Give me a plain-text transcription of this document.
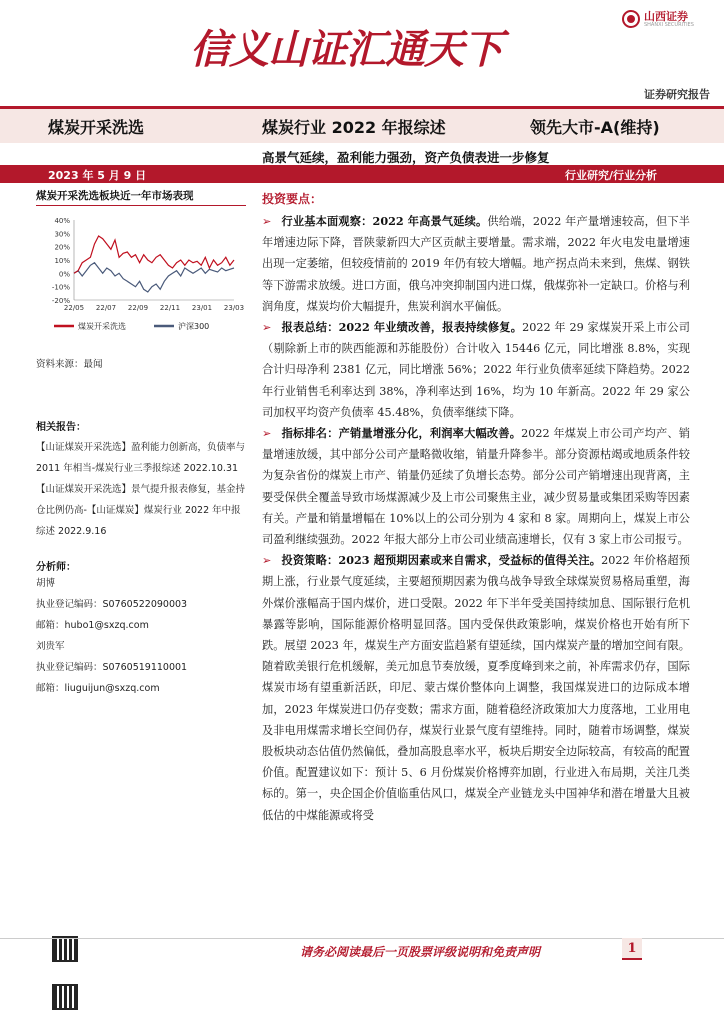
信义山证汇通天下
山西证券
SHANXI SECURITIES
证券研究报告
煤炭开采洗选	煤炭行业 2022 年报综述	领先大市-A(维持)
高景气延续，盈利能力强劲，资产负债表进一步修复
2023 年 5 月 9 日	行业研究/行业分析
煤炭开采洗选板块近一年市场表现
40%
30%
20%
10%
0%
-10%
-20%
22/05 22/07 22/09 22/11 23/01 23/03
煤炭开采洗选	沪深300
资料来源：最闻
相关报告：
【山证煤炭开采洗选】盈利能力创新高，负债率与 2011 年相当-煤炭行业三季报综述 2022.10.31
【山证煤炭开采洗选】景气提升报表修复，基金持仓比例仍高-【山证煤炭】煤炭行业 2022 年中报综述 2022.9.16
分析师：
胡博
执业登记编码：S0760522090003
邮箱：hubo1@sxzq.com
刘贵军
执业登记编码：S0760519110001
邮箱：liuguijun@sxzq.com
投资要点：
➢ 行业基本面观察：2022 年高景气延续。供给端，2022 年产量增速较高，但下半年增速边际下降，晋陕蒙新四大产区贡献主要增量。需求端，2022 年火电发电量增速出现一定萎缩，但较疫情前的 2019 年仍有较大增幅。地产拐点尚未来到，焦煤、钢铁等下游需求放缓。进口方面，俄乌冲突抑制国内进口煤，俄煤弥补一定缺口。价格与利润角度，煤炭均价大幅提升，焦炭利润水平偏低。
➢ 报表总结：2022 年业绩改善，报表持续修复。2022 年 29 家煤炭开采上市公司（剔除新上市的陕西能源和苏能股份）合计收入 15446 亿元，同比增涨 8.8%，实现合计归母净利 2381 亿元，同比增涨 56%；2022 年行业负债率延续下降趋势。2022 年行业销售毛利率达到 38%，净利率达到 16%，均为 10 年新高。2022 年 29 家公司加权平均资产负债率 45.48%，负债率继续下降。
➢ 指标排名：产销量增涨分化，利润率大幅改善。2022 年煤炭上市公司产均产、销量增速放缓，其中部分公司产量略微收缩，销量升降参半。部分资源枯竭或地质条件较为复杂省份的煤炭上市产、销量仍延续了负增长态势。部分公司产销增速出现背离，主要受保供全覆盖导致市场煤源减少及上市公司聚焦主业，减少贸易量或集团采购等因素有关。产量和销量增幅在 10%以上的公司分别为 4 家和 8 家。周期向上，煤炭上市公司盈利继续强劲。2022 年报大部分上市公司业绩高速增长，仅有 3 家上市公司报亏。
➢ 投资策略：2023 超预期因素或来自需求，受益标的值得关注。2022 年价格超预期上涨，行业景气度延续，主要超预期因素为俄乌战争导致全球煤炭贸易格局重塑，海外煤价涨幅高于国内煤价，进口受限。2022 年下半年受美国持续加息、国际银行危机暴露等影响，国际能源价格明显回落。国内受保供政策影响，煤炭价格也开始有所下跌。展望 2023 年，煤炭生产方面安监趋紧有望延续，国内煤炭产量的增加空间有限。随着欧美银行危机缓解，美元加息节奏放缓，夏季度峰到来之前，补库需求仍存，国际煤炭市场有望重新活跃，印尼、蒙古煤价整体向上调整，我国煤炭进口的边际成本增加，2023 年煤炭进口仍存变数；需求方面，随着稳经济政策加大力度落地，工业用电及非电用煤需求增长空间仍存，煤炭行业景气度有望维持。同时，随着市场调整，煤炭股板块动态估值仍然偏低，叠加高股息率水平，板块后期安全边际较高，有较高的配置价值。配置建议如下：预计 5、6 月份煤炭价格博弈加剧，行业进入布局期，关注几类标的。第一，央企国企价值临重估风口，煤炭全产业链龙头中国神华和潜在增量大且被低估的中煤能源或将受
请务必阅读最后一页股票评级说明和免责声明	1
